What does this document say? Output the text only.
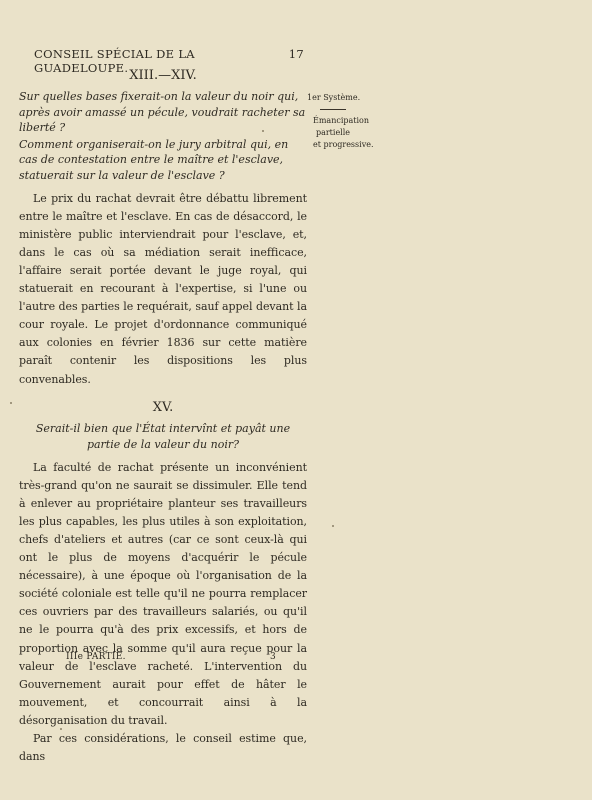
CONSEIL SPÉCIAL DE LA GUADELOUPE.
17
XIII.—XIV.

Sur quelles bases fixerait-on la valeur du noir qui, après avoir amassé un pécule, voudrait racheter sa liberté ?

Comment organiserait-on le jury arbitral qui, en cas de contestation entre le maître et l'esclave, statuerait sur la valeur de l'esclave ?

Le prix du rachat devrait être débattu librement entre le maître et l'esclave. En cas de désaccord, le ministère public interviendrait pour l'esclave, et, dans le cas où sa médiation serait inefficace, l'affaire serait portée devant le juge royal, qui statuerait en recourant à l'expertise, si l'une ou l'autre des parties le requérait, sauf appel devant la cour royale. Le projet d'ordonnance communiqué aux colonies en février 1836 sur cette matière paraît contenir les dispositions les plus convenables.

XV.

Serait-il bien que l'État intervînt et payât une partie de la valeur du noir?

La faculté de rachat présente un inconvénient très-grand qu'on ne saurait se dissimuler. Elle tend à enlever au propriétaire planteur ses travailleurs les plus capables, les plus utiles à son exploitation, chefs d'ateliers et autres (car ce sont ceux-là qui ont le plus de moyens d'acquérir le pécule nécessaire), à une époque où l'organisation de la société coloniale est telle qu'il ne pourra remplacer ces ouvriers par des travailleurs salariés, ou qu'il ne le pourra qu'à des prix excessifs, et hors de proportion avec la somme qu'il aura reçue pour la valeur de l'esclave racheté. L'intervention du Gouvernement aurait pour effet de hâter le mouvement, et concourrait ainsi à la désorganisation du travail.

Par ces considérations, le conseil estime que, dans

1er Système.
Émancipation
partielle
et progressive.
IIIe PARTIE.	3
